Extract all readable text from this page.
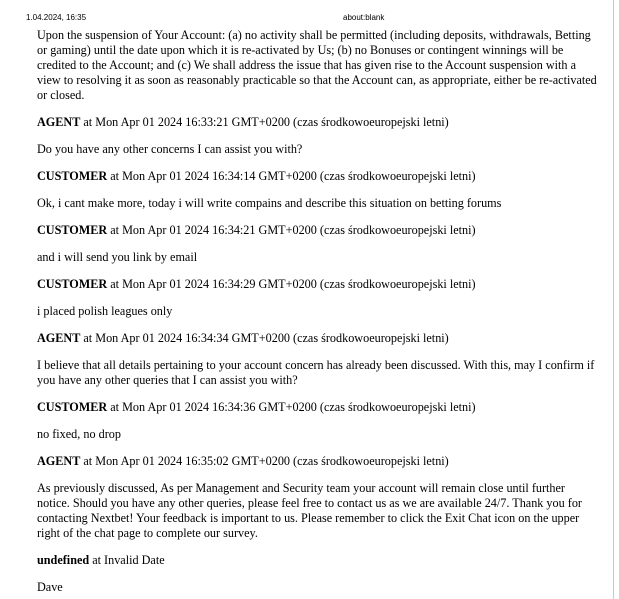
1.04.2024, 16:35	about:blank

Upon the suspension of Your Account: (a) no activity shall be permitted (including deposits, withdrawals, Betting or gaming) until the date upon which it is re-activated by Us; (b) no Bonuses or contingent winnings will be credited to the Account; and (c) We shall address the issue that has given rise to the Account suspension with a view to resolving it as soon as reasonably practicable so that the Account can, as appropriate, either be re-activated or closed.

AGENT at Mon Apr 01 2024 16:33:21 GMT+0200 (czas środkowoeuropejski letni)

Do you have any other concerns I can assist you with?

CUSTOMER at Mon Apr 01 2024 16:34:14 GMT+0200 (czas środkowoeuropejski letni)

Ok, i cant make more, today i will write compains and describe this situation on betting forums

CUSTOMER at Mon Apr 01 2024 16:34:21 GMT+0200 (czas środkowoeuropejski letni)

and i will send you link by email

CUSTOMER at Mon Apr 01 2024 16:34:29 GMT+0200 (czas środkowoeuropejski letni)

i placed polish leagues only

AGENT at Mon Apr 01 2024 16:34:34 GMT+0200 (czas środkowoeuropejski letni)

I believe that all details pertaining to your account concern has already been discussed. With this, may I confirm if you have any other queries that I can assist you with?

CUSTOMER at Mon Apr 01 2024 16:34:36 GMT+0200 (czas środkowoeuropejski letni)

no fixed, no drop

AGENT at Mon Apr 01 2024 16:35:02 GMT+0200 (czas środkowoeuropejski letni)

As previously discussed, As per Management and Security team your account will remain close until further notice. Should you have any other queries, please feel free to contact us as we are available 24/7. Thank you for contacting Nextbet! Your feedback is important to us. Please remember to click the Exit Chat icon on the upper right of the chat page to complete our survey.

undefined at Invalid Date

Dave
